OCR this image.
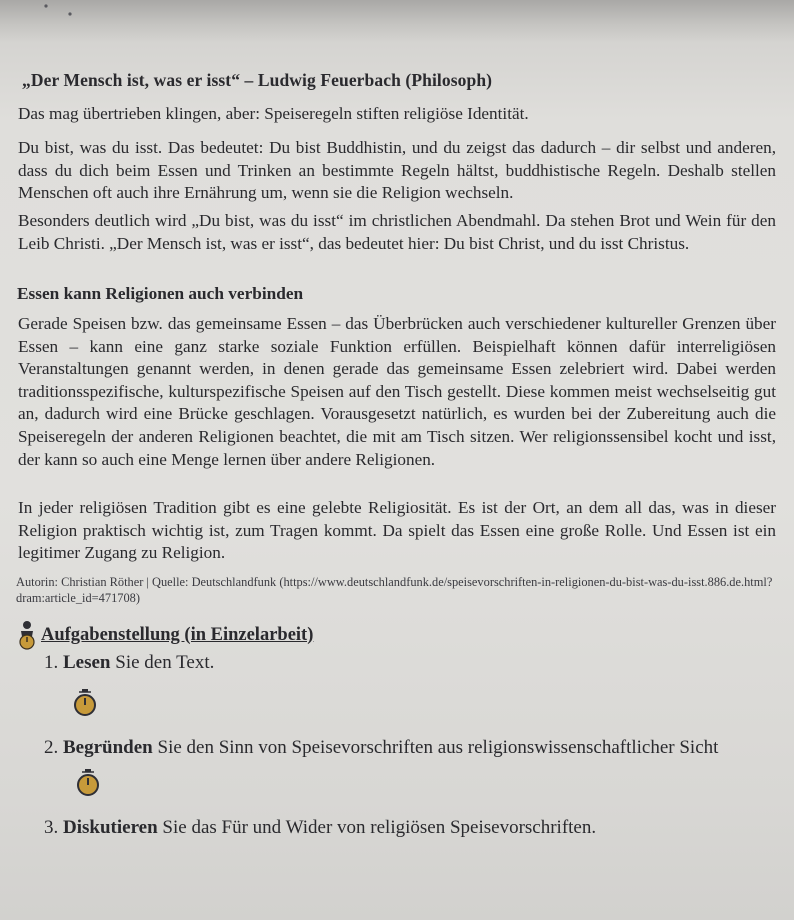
„Der Mensch ist, was er isst“ – Ludwig Feuerbach (Philosoph)

Das mag übertrieben klingen, aber: Speiseregeln stiften religiöse Identität.

Du bist, was du isst. Das bedeutet: Du bist Buddhistin, und du zeigst das dadurch – dir selbst und anderen, dass du dich beim Essen und Trinken an bestimmte Regeln hältst, buddhistische Regeln. Deshalb stellen Menschen oft auch ihre Ernährung um, wenn sie die Religion wechseln.

Besonders deutlich wird „Du bist, was du isst“ im christlichen Abendmahl. Da stehen Brot und Wein für den Leib Christi. „Der Mensch ist, was er isst“, das bedeutet hier: Du bist Christ, und du isst Christus.

Essen kann Religionen auch verbinden

Gerade Speisen bzw. das gemeinsame Essen – das Überbrücken auch verschiedener kultureller Grenzen über Essen – kann eine ganz starke soziale Funktion erfüllen. Beispielhaft können dafür interreligiösen Veranstaltungen genannt werden, in denen gerade das gemeinsame Essen zelebriert wird. Dabei werden traditionsspezifische, kulturspezifische Speisen auf den Tisch gestellt. Diese kommen meist wechselseitig gut an, dadurch wird eine Brücke geschlagen. Vorausgesetzt natürlich, es wurden bei der Zubereitung auch die Speiseregeln der anderen Religionen beachtet, die mit am Tisch sitzen. Wer religionssensibel kocht und isst, der kann so auch eine Menge lernen über andere Religionen.

In jeder religiösen Tradition gibt es eine gelebte Religiosität. Es ist der Ort, an dem all das, was in dieser Religion praktisch wichtig ist, zum Tragen kommt. Da spielt das Essen eine große Rolle. Und Essen ist ein legitimer Zugang zu Religion.

Autorin: Christian Röther | Quelle: Deutschlandfunk (https://www.deutschlandfunk.de/speisevorschriften-in-religionen-du-bist-was-du-isst.886.de.html?dram:article_id=471708)
Aufgabenstellung (in Einzelarbeit)
1. Lesen Sie den Text.
2. Begründen Sie den Sinn von Speisevorschriften aus religionswissenschaftlicher Sicht
3. Diskutieren Sie das Für und Wider von religiösen Speisevorschriften.
